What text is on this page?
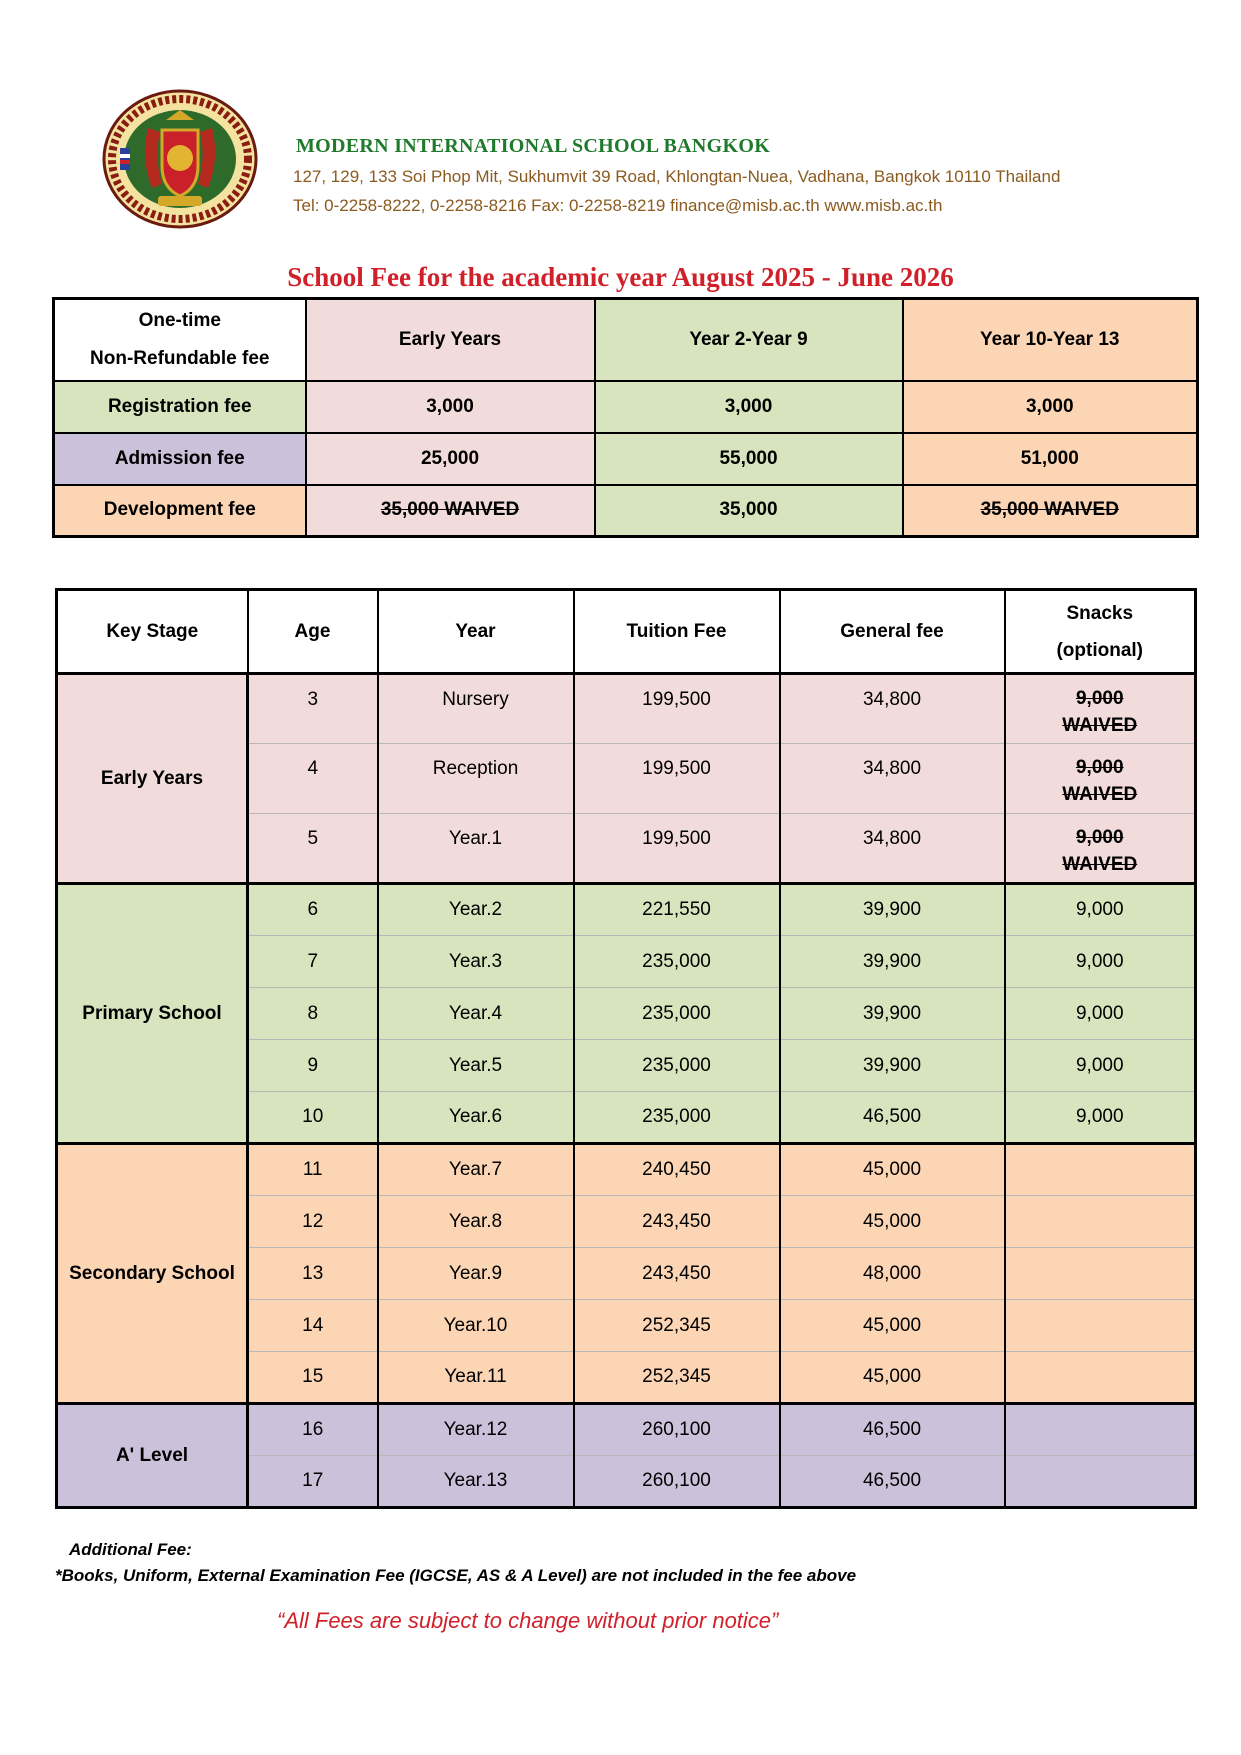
MODERN INTERNATIONAL SCHOOL BANGKOK
127, 129, 133 Soi Phop Mit, Sukhumvit 39 Road, Khlongtan-Nuea, Vadhana, Bangkok 10110 Thailand
Tel: 0-2258-8222, 0-2258-8216 Fax: 0-2258-8219 finance@misb.ac.th www.misb.ac.th
School Fee for the academic year August 2025 - June 2026
One-time
Non-Refundable fee	Early Years	Year 2-Year 9	Year 10-Year 13
Registration fee	3,000	3,000	3,000
Admission fee	25,000	55,000	51,000
Development fee	35,000 WAIVED	35,000	35,000 WAIVED
Key Stage	Age	Year	Tuition Fee	General fee	Snacks
(optional)
Early Years	3	Nursery	199,500	34,800	9,000
WAIVED

	4	Reception	199,500	34,800	9,000
WAIVED

	5	Year.1	199,500	34,800	9,000
WAIVED

Primary School	6	Year.2	221,550	39,900	9,000
	7	Year.3	235,000	39,900	9,000
	8	Year.4	235,000	39,900	9,000
	9	Year.5	235,000	39,900	9,000
	10	Year.6	235,000	46,500	9,000
Secondary School	11	Year.7	240,450	45,000	
	12	Year.8	243,450	45,000	
	13	Year.9	243,450	48,000	
	14	Year.10	252,345	45,000	
	15	Year.11	252,345	45,000	
A' Level	16	Year.12	260,100	46,500	
	17	Year.13	260,100	46,500	
Additional Fee:
*Books, Uniform, External Examination Fee (IGCSE, AS & A Level) are not included in the fee above
“All Fees are subject to change without prior notice”
